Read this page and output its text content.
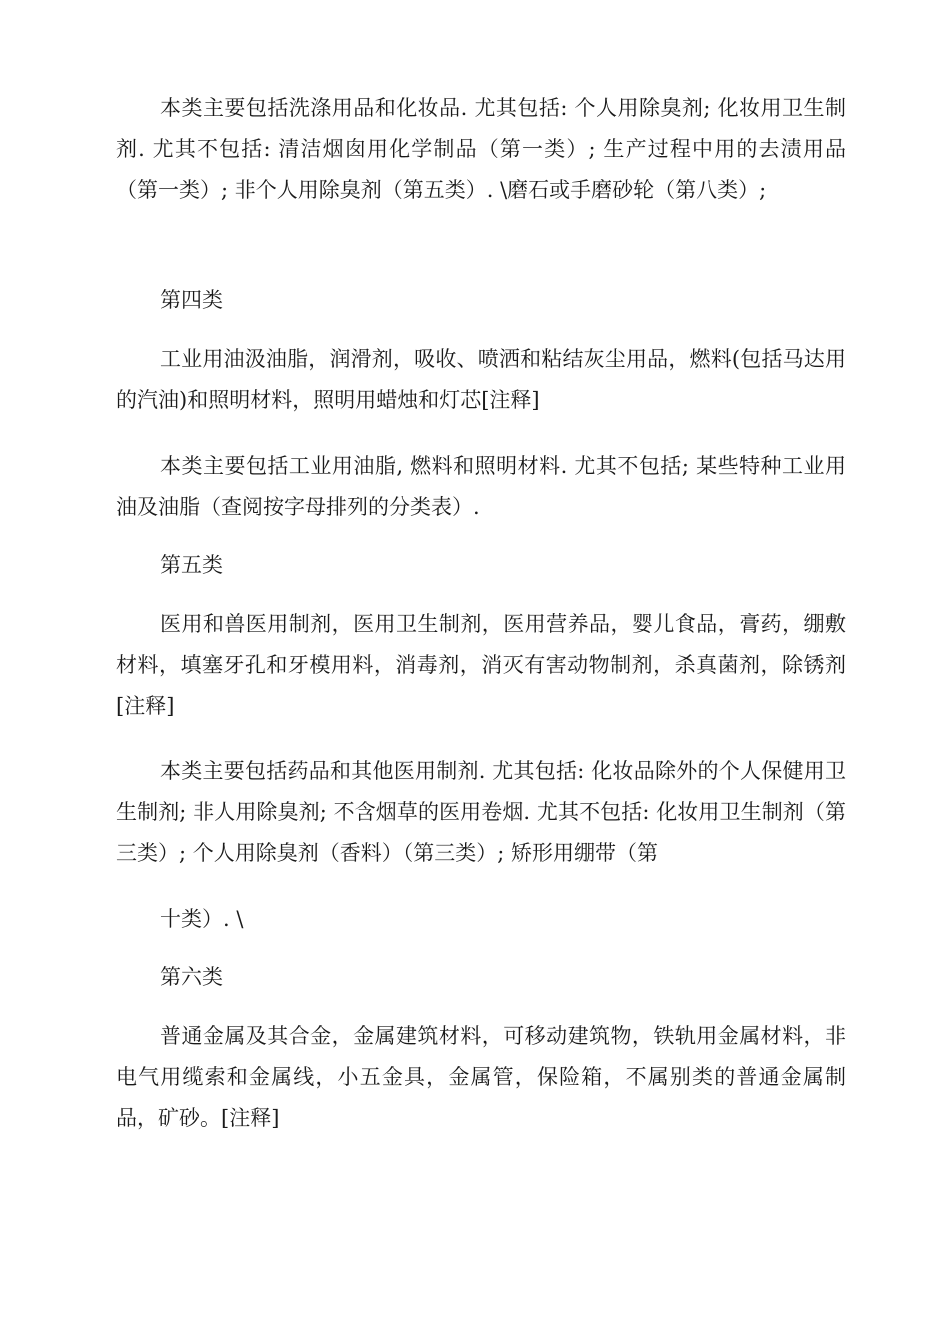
本类主要包括洗涤用品和化妆品. 尤其包括: 个人用除臭剂; 化妆用卫生制剂. 尤其不包括: 清洁烟囱用化学制品（第一类）; 生产过程中用的去渍用品（第一类）; 非个人用除臭剂（第五类）. \磨石或手磨砂轮（第八类）;

第四类

工业用油汲油脂，润滑剂，吸收、喷洒和粘结灰尘用品，燃料(包括马达用的汽油)和照明材料，照明用蜡烛和灯芯[注释]

本类主要包括工业用油脂, 燃料和照明材料. 尤其不包括; 某些特种工业用油及油脂（查阅按字母排列的分类表）.

第五类

医用和兽医用制剂，医用卫生制剂，医用营养品，婴儿食品，膏药，绷敷材料，填塞牙孔和牙模用料，消毒剂，消灭有害动物制剂，杀真菌剂，除锈剂[注释]

本类主要包括药品和其他医用制剂. 尤其包括: 化妆品除外的个人保健用卫生制剂; 非人用除臭剂; 不含烟草的医用卷烟. 尤其不包括: 化妆用卫生制剂（第三类）; 个人用除臭剂（香料）（第三类）; 矫形用绷带（第

十类）. \

第六类

普通金属及其合金，金属建筑材料，可移动建筑物，铁轨用金属材料，非电气用缆索和金属线，小五金具，金属管，保险箱，不属别类的普通金属制品，矿砂。[注释]
